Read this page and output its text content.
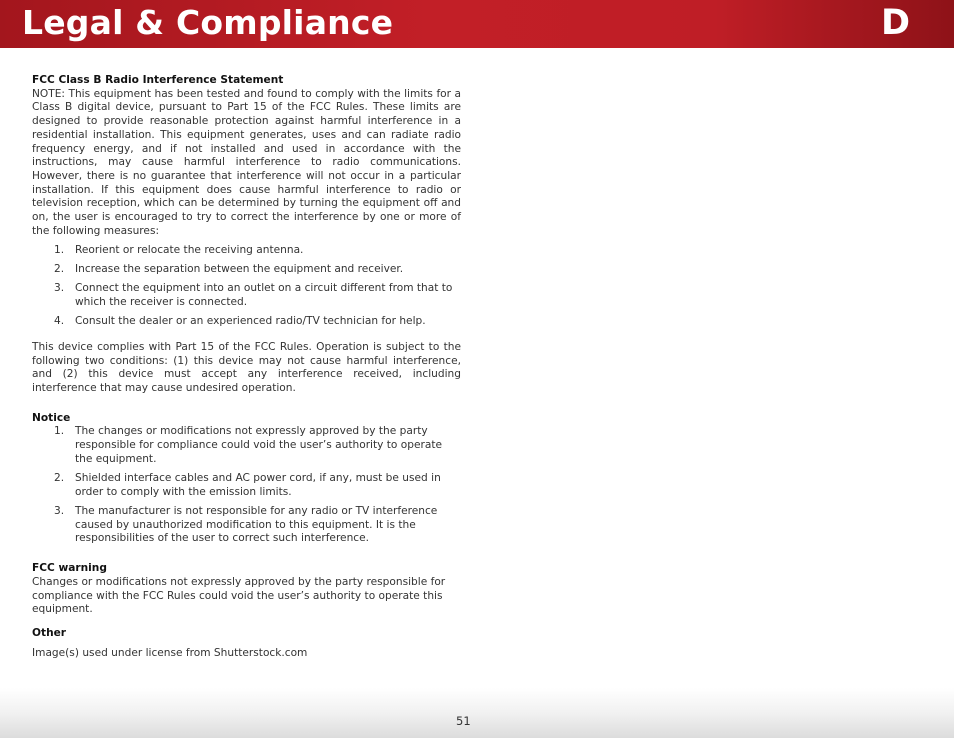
Legal & Compliance	D
FCC Class B Radio Interference Statement
NOTE: This equipment has been tested and found to comply with the limits for a Class B digital device, pursuant to Part 15 of the FCC Rules. These limits are designed to provide reasonable protection against harmful interference in a residential installation. This equipment generates, uses and can radiate radio frequency energy, and if not installed and used in accordance with the instructions, may cause harmful interference to radio communications. However, there is no guarantee that interference will not occur in a particular installation. If this equipment does cause harmful interference to radio or television reception, which can be determined by turning the equipment off and on, the user is encouraged to try to correct the interference by one or more of the following measures:
1. Reorient or relocate the receiving antenna.
2. Increase the separation between the equipment and receiver.
3. Connect the equipment into an outlet on a circuit different from that to which the receiver is connected.
4. Consult the dealer or an experienced radio/TV technician for help.
This device complies with Part 15 of the FCC Rules. Operation is subject to the following two conditions: (1) this device may not cause harmful interference, and (2) this device must accept any interference received, including interference that may cause undesired operation.
Notice
1. The changes or modifications not expressly approved by the party responsible for compliance could void the user’s authority to operate the equipment.
2. Shielded interface cables and AC power cord, if any, must be used in order to comply with the emission limits.
3. The manufacturer is not responsible for any radio or TV interference caused by unauthorized modification to this equipment. It is the responsibilities of the user to correct such interference.
FCC warning
Changes or modifications not expressly approved by the party responsible for compliance with the FCC Rules could void the user’s authority to operate this equipment.
Other
Image(s) used under license from Shutterstock.com
51
